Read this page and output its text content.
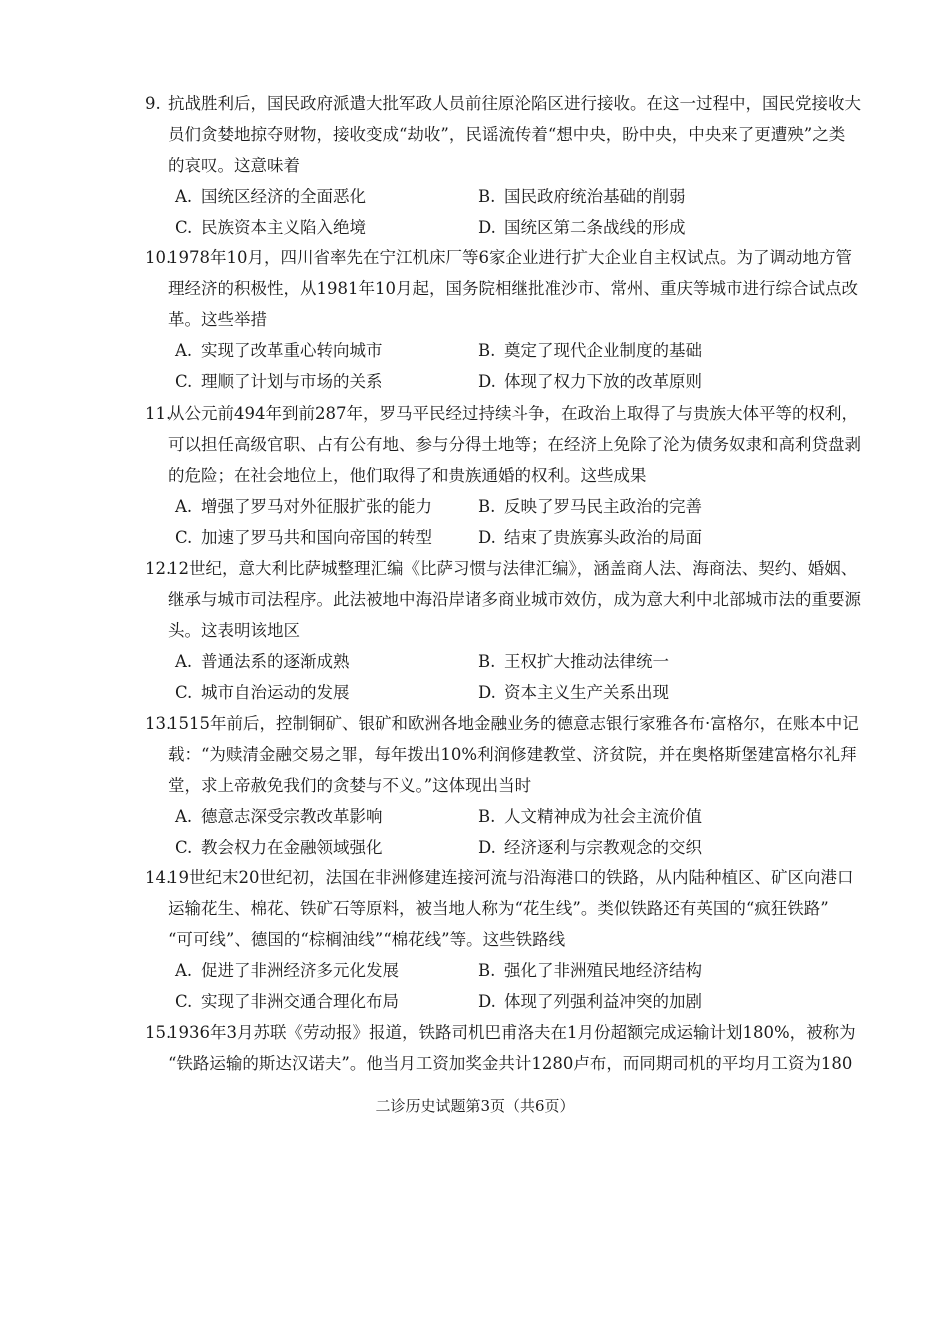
9. 抗战胜利后，国民政府派遣大批军政人员前往原沦陷区进行接收。在这一过程中，国民党接收大
员们贪婪地掠夺财物，接收变成“劫收”，民谣流传着“想中央，盼中央，中央来了更遭殃”之类
的哀叹。这意味着
A. 国统区经济的全面恶化	B. 国民政府统治基础的削弱
C. 民族资本主义陷入绝境	D. 国统区第二条战线的形成
10.
1978年10月，四川省率先在宁江机床厂等6家企业进行扩大企业自主权试点。为了调动地方管
理经济的积极性，从1981年10月起，国务院相继批准沙市、常州、重庆等城市进行综合试点改
革。这些举措
A. 实现了改革重心转向城市	B. 奠定了现代企业制度的基础
C. 理顺了计划与市场的关系	D. 体现了权力下放的改革原则
11.
从公元前494年到前287年，罗马平民经过持续斗争，在政治上取得了与贵族大体平等的权利，
可以担任高级官职、占有公有地、参与分得土地等；在经济上免除了沦为债务奴隶和高利贷盘剥
的危险；在社会地位上，他们取得了和贵族通婚的权利。这些成果
A. 增强了罗马对外征服扩张的能力	B. 反映了罗马民主政治的完善
C. 加速了罗马共和国向帝国的转型	D. 结束了贵族寡头政治的局面
12.
12世纪，意大利比萨城整理汇编《比萨习惯与法律汇编》，涵盖商人法、海商法、契约、婚姻、
继承与城市司法程序。此法被地中海沿岸诸多商业城市效仿，成为意大利中北部城市法的重要源
头。这表明该地区
A. 普通法系的逐渐成熟	B. 王权扩大推动法律统一
C. 城市自治运动的发展	D. 资本主义生产关系出现
13.
1515年前后，控制铜矿、银矿和欧洲各地金融业务的德意志银行家雅各布·富格尔，在账本中记
载：“为赎清金融交易之罪，每年拨出10%利润修建教堂、济贫院，并在奥格斯堡建富格尔礼拜
堂，求上帝赦免我们的贪婪与不义。”这体现出当时
A. 德意志深受宗教改革影响	B. 人文精神成为社会主流价值
C. 教会权力在金融领域强化	D. 经济逐利与宗教观念的交织
14.
19世纪末20世纪初，法国在非洲修建连接河流与沿海港口的铁路，从内陆种植区、矿区向港口
运输花生、棉花、铁矿石等原料，被当地人称为“花生线”。类似铁路还有英国的“疯狂铁路”
“可可线”、德国的“棕榈油线”“棉花线”等。这些铁路线
A. 促进了非洲经济多元化发展	B. 强化了非洲殖民地经济结构
C. 实现了非洲交通合理化布局	D. 体现了列强利益冲突的加剧
15.
1936年3月苏联《劳动报》报道，铁路司机巴甫洛夫在1月份超额完成运输计划180%，被称为
“铁路运输的斯达汉诺夫”。他当月工资加奖金共计1280卢布，而同期司机的平均月工资为180
二诊历史试题第3页（共6页）
